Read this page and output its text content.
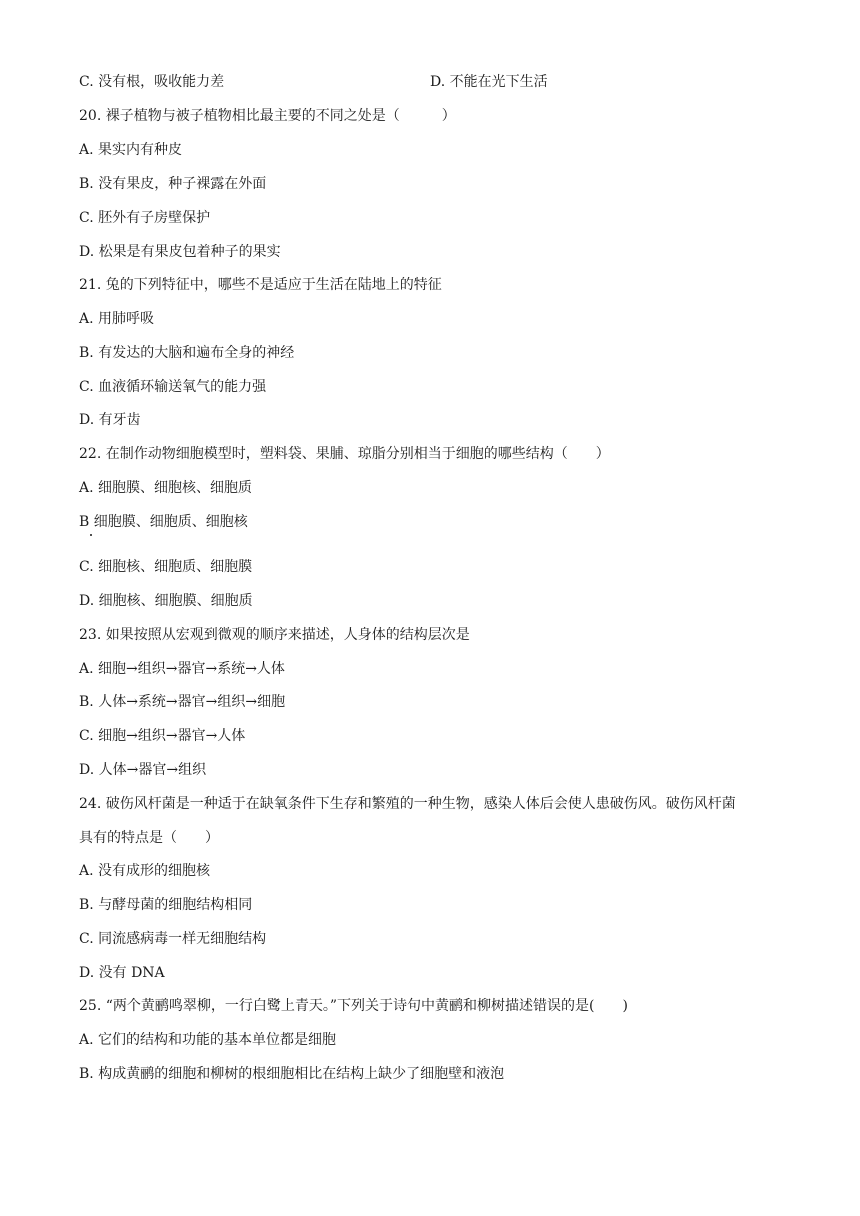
C. 没有根，吸收能力差	D. 不能在光下生活
20. 裸子植物与被子植物相比最主要的不同之处是（　　　）
A. 果实内有种皮
B. 没有果皮，种子裸露在外面
C. 胚外有子房壁保护
D. 松果是有果皮包着种子的果实
21. 兔的下列特征中，哪些不是适应于生活在陆地上的特征
A. 用肺呼吸
B. 有发达的大脑和遍布全身的神经
C. 血液循环输送氧气的能力强
D. 有牙齿
22. 在制作动物细胞模型时，塑料袋、果脯、琼脂分别相当于细胞的哪些结构（　　）
A. 细胞膜、细胞核、细胞质
B 细胞膜、细胞质、细胞核
C. 细胞核、细胞质、细胞膜
D. 细胞核、细胞膜、细胞质
23. 如果按照从宏观到微观的顺序来描述，人身体的结构层次是
A. 细胞→组织→器官→系统→人体
B. 人体→系统→器官→组织→细胞
C. 细胞→组织→器官→人体
D. 人体→器官→组织
24. 破伤风杆菌是一种适于在缺氧条件下生存和繁殖的一种生物，感染人体后会使人患破伤风。破伤风杆菌
具有的特点是（　　）
A. 没有成形的细胞核
B. 与酵母菌的细胞结构相同
C. 同流感病毒一样无细胞结构
D. 没有 DNA
25. “两个黄鹂鸣翠柳，一行白鹭上青天。”下列关于诗句中黄鹂和柳树描述错误的是(　　)
A. 它们的结构和功能的基本单位都是细胞
B. 构成黄鹂的细胞和柳树的根细胞相比在结构上缺少了细胞壁和液泡
